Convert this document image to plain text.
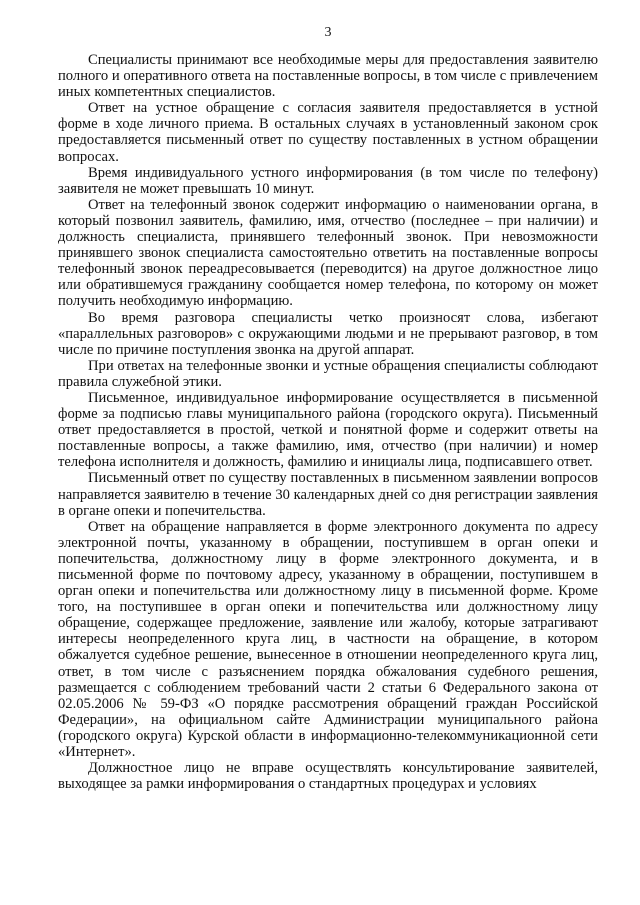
3

Специалисты принимают все необходимые меры для предоставления заявителю полного и оперативного ответа на поставленные вопросы, в том числе с привлечением иных компетентных специалистов.

Ответ на устное обращение с согласия заявителя предоставляется в устной форме в ходе личного приема. В остальных случаях в установленный законом срок предоставляется письменный ответ по существу поставленных в устном обращении вопросах.

Время индивидуального устного информирования (в том числе по телефону) заявителя не может превышать 10 минут.

Ответ на телефонный звонок содержит информацию о наименовании органа, в который позвонил заявитель, фамилию, имя, отчество (последнее – при наличии) и должность специалиста, принявшего телефонный звонок. При невозможности принявшего звонок специалиста самостоятельно ответить на поставленные вопросы телефонный звонок переадресовывается (переводится) на другое должностное лицо или обратившемуся гражданину сообщается номер телефона, по которому он может получить необходимую информацию.

Во время разговора специалисты четко произносят слова, избегают «параллельных разговоров» с окружающими людьми и не прерывают разговор, в том числе по причине поступления звонка на другой аппарат.

При ответах на телефонные звонки и устные обращения специалисты соблюдают правила служебной этики.

Письменное, индивидуальное информирование осуществляется в письменной форме за подписью главы муниципального района (городского округа). Письменный ответ предоставляется в простой, четкой и понятной форме и содержит ответы на поставленные вопросы, а также фамилию, имя, отчество (при наличии) и номер телефона исполнителя и должность, фамилию и инициалы лица, подписавшего ответ.

Письменный ответ по существу поставленных в письменном заявлении вопросов направляется заявителю в течение 30 календарных дней со дня регистрации заявления в органе опеки и попечительства.

Ответ на обращение направляется в форме электронного документа по адресу электронной почты, указанному в обращении, поступившем в орган опеки и попечительства, должностному лицу в форме электронного документа, и в письменной форме по почтовому адресу, указанному в обращении, поступившем в орган опеки и попечительства или должностному лицу в письменной форме. Кроме того, на поступившее в орган опеки и попечительства или должностному лицу обращение, содержащее предложение, заявление или жалобу, которые затрагивают интересы неопределенного круга лиц, в частности на обращение, в котором обжалуется судебное решение, вынесенное в отношении неопределенного круга лиц, ответ, в том числе с разъяснением порядка обжалования судебного решения, размещается с соблюдением требований части 2 статьи 6 Федерального закона от 02.05.2006 № 59-ФЗ «О порядке рассмотрения обращений граждан Российской Федерации», на официальном сайте Администрации муниципального района (городского округа) Курской области в информационно-телекоммуникационной сети «Интернет».

Должностное лицо не вправе осуществлять консультирование заявителей, выходящее за рамки информирования о стандартных процедурах и условиях
